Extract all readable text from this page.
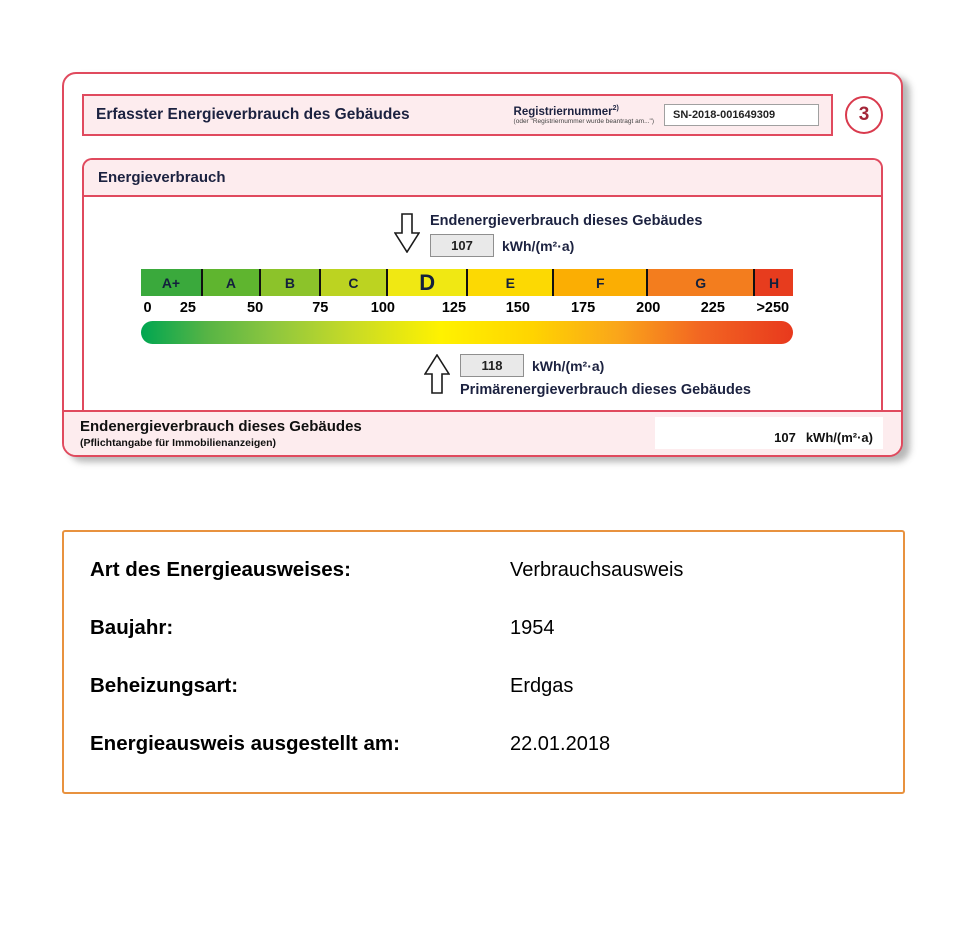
Erfasster Energieverbrauch des Gebäudes	Registriernummer$^{2)}$
(oder "Registriernummer wurde beantragt am...")
SN-2018-001649309	3
Energieverbrauch
Endenergieverbrauch dieses Gebäudes
107	kWh/(m²·a)
A+	A	B	C	D	E	F	G	H
0 25	50	75	100	125	150	175	200	225 >250
118	kWh/(m²·a)
Primärenergieverbrauch dieses Gebäudes
Endenergieverbrauch dieses Gebäudes
(Pflichtangabe für Immobilienanzeigen)	107 kWh/(m²·a)
Art des Energieausweises:	Verbrauchsausweis
Baujahr:	1954
Beheizungsart:	Erdgas
Energieausweis ausgestellt am:	22.01.2018
